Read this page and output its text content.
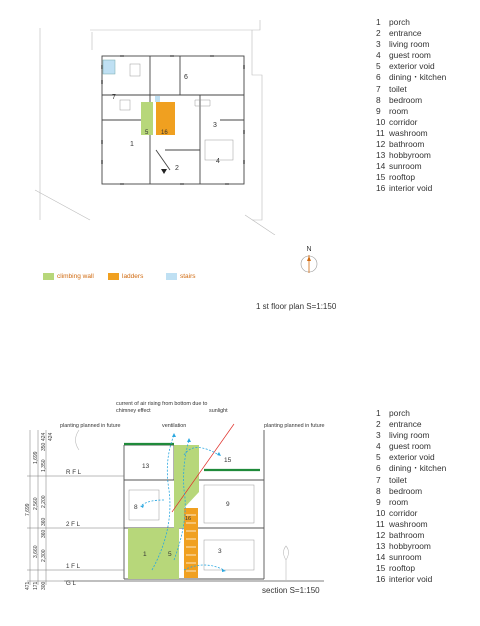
1 porch
2 entrance
3 living room
4 guest room
5 exterior void
6 dining・kitchen
7 toilet
8 bedroom
9 room
10 corridor
11 washroom
12 bathroom
13 hobbyroom
14 sunroom
15 rooftop
16 interior void
1 porch
2 entrance
3 living room
4 guest room
5 exterior void
6 dining・kitchen
7 toilet
8 bedroom
9 room
10 corridor
11 washroom
12 bathroom
13 hobbyroom
14 sunroom
15 rooftop
16 interior void
1
2
3
4
5
6
7
16
N
climbing wall	ladders	stairs
1 st floor plan S=1:150
current of air rising from bottom due to chimney effect	sunlight
ventilation
planting planned in future	planting planned in future
R F L
2 F L
1 F L
G L
7,699
1,699
1,350
350
424 424
2,560
360
2,200
3,660
360
2,300
471 171 300
13
15
8	9
16
1	5	3
section S=1:150
